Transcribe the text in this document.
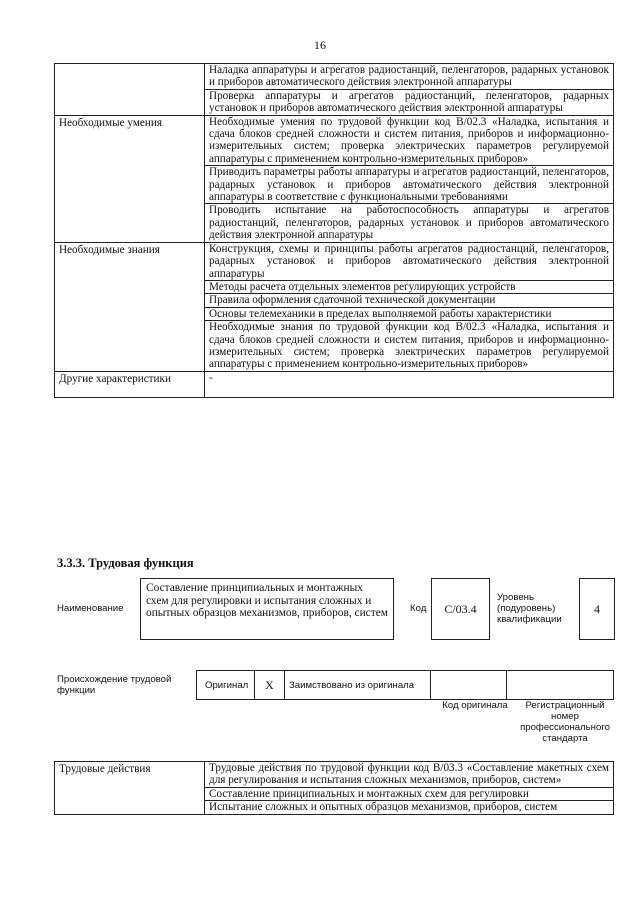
16
	Наладка аппаратуры и агрегатов радиостанций, пеленгаторов, радарных установок и приборов автоматического действия электронной аппаратуры
	Проверка аппаратуры и агрегатов радиостанций, пеленгаторов, радарных установок и приборов автоматического действия электронной аппаратуры
Необходимые умения	Необходимые умения по трудовой функции код В/02.3 «Наладка, испытания и сдача блоков средней сложности и систем питания, приборов и информационно-измерительных систем; проверка электрических параметров регулируемой аппаратуры с применением контрольно-измерительных приборов»
	Приводить параметры работы аппаратуры и агрегатов радиостанций, пеленгаторов, радарных установок и приборов автоматического действия электронной аппаратуры в соответствие с функциональными требованиями
	Проводить испытание на работоспособность аппаратуры и агрегатов радиостанций, пеленгаторов, радарных установок и приборов автоматического действия электронной аппаратуры
Необходимые знания	Конструкция, схемы и принципы работы агрегатов радиостанций, пеленгаторов, радарных установок и приборов автоматического действия электронной аппаратуры
	Методы расчета отдельных элементов регулирующих устройств
	Правила оформления сдаточной технической документации
	Основы телемеханики в пределах выполняемой работы характеристики
	Необходимые знания по трудовой функции код В/02.3 «Наладка, испытания и сдача блоков средней сложности и систем питания, приборов и информационно-измерительных систем; проверка электрических параметров регулируемой аппаратуры с применением контрольно-измерительных приборов»
Другие характеристики	-
3.3.3. Трудовая функция
Наименование
Составление принципиальных и монтажных схем для регулировки и испытания сложных и опытных образцов механизмов, приборов, систем	Код	С/03.4
Уровень (подуровень) квалификации
4
Происхождение трудовой функции	Оригинал	X	Заимствовано из оригинала
Код оригинала	Регистрационный номер профессионального стандарта
Трудовые действия	Трудовые действия по трудовой функции код В/03.3 «Составление макетных схем для регулирования и испытания сложных механизмов, приборов, систем»
Составление принципиальных и монтажных схем для регулировки
Испытание сложных и опытных образцов механизмов, приборов, систем
